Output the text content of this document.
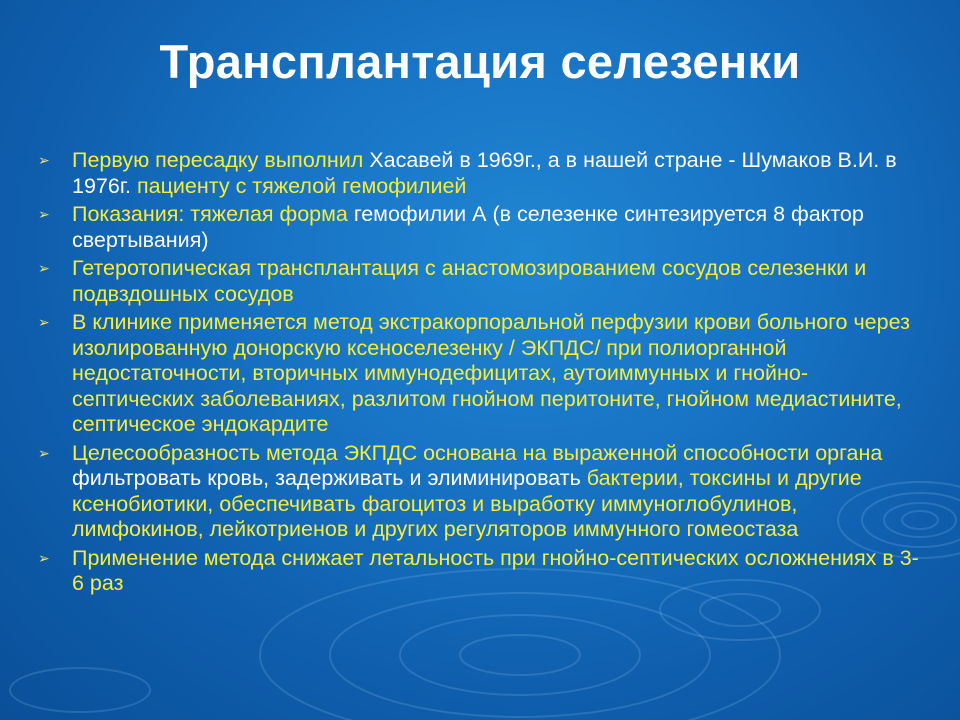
Трансплантация селезенки
➢ Первую пересадку выполнил Хасавей в 1969г., а в нашей стране - Шумаков В.И. в 1976г. пациенту с тяжелой гемофилией
➢ Показания: тяжелая форма гемофилии А (в селезенке синтезируется 8 фактор свертывания)
➢ Гетеротопическая трансплантация с анастомозированием сосудов селезенки и подвздошных сосудов
➢ В клинике применяется метод экстракорпоральной перфузии крови больного через изолированную донорскую ксеноселезенку / ЭКПДС/ при полиорганной недостаточности, вторичных иммунодефицитах, аутоиммунных и гнойно-септических заболеваниях, разлитом гнойном перитоните, гнойном медиастините, септическое эндокардите
➢ Целесообразность метода ЭКПДС основана на выраженной способности органа фильтровать кровь, задерживать и элиминировать бактерии, токсины и другие ксенобиотики, обеспечивать фагоцитоз и выработку иммуноглобулинов, лимфокинов, лейкотриенов и других регуляторов иммунного гомеостаза
➢ Применение метода снижает летальность при гнойно-септических осложнениях в 3-6 раз
